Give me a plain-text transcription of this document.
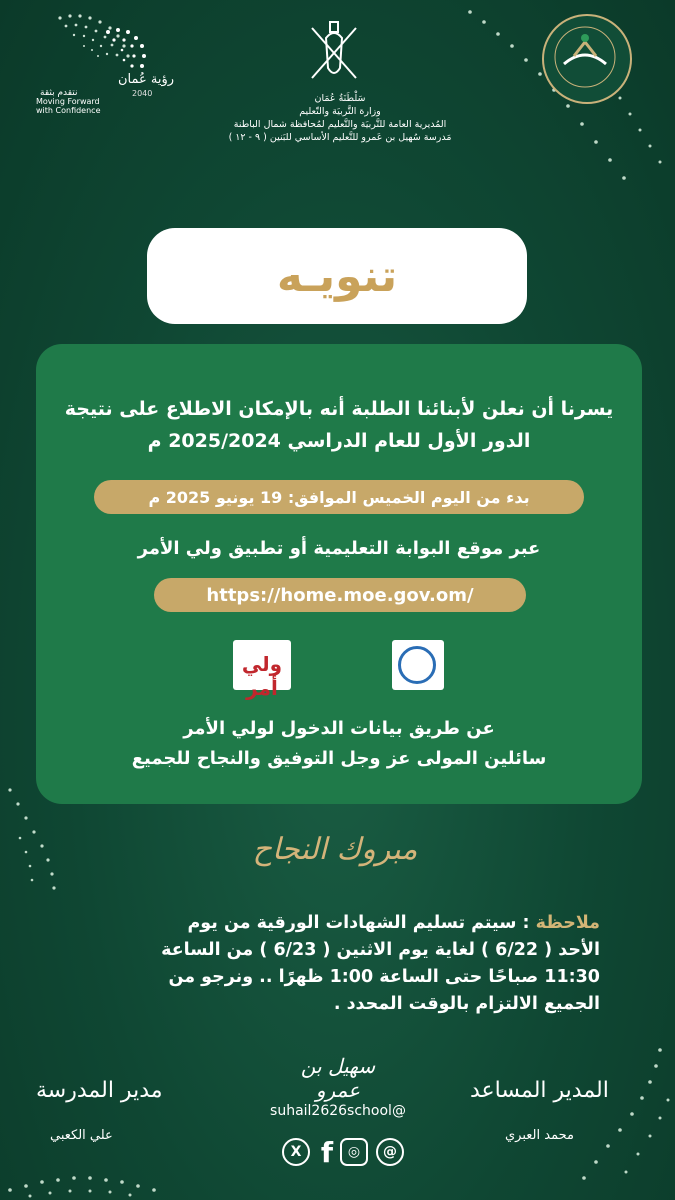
نتقدم بثقة
Moving Forward
with Confidence
رؤية عُمان
2040	سَلْطَنَةُ عُمَان
وزارة التَّربيَة والتّعليم
المُديرية العامة للتَّربيَة والتَّعليم لمُحافظة شمال الباطنة
مَدرسة سُهيل بن عَمرو للتَّعليم الأساسي للبَنين ( ٩ - ١٢ )
تنويـه
يسرنا أن نعلن لأبنائنا الطلبة أنه بالإمكان الاطلاع على نتيجة
الدور الأول للعام الدراسي 2025/2024 م
بدء من اليوم الخميس الموافق: 19 يونيو 2025 م
عبر موقع البوابة التعليمية أو تطبيق ولي الأمر
https://home.moe.gov.om/
ولي أمر
عن طريق بيانات الدخول لولي الأمر
سائلين المولى عز وجل التوفيق والنجاح للجميع
مبروك النجاح
ملاحظة : سيتم تسليم الشهادات الورقية من يوم
الأحد ( 6/22 ) لغاية يوم الاثنين ( 6/23 ) من الساعة
11:30 صباحًا حتى الساعة 1:00 ظهرًا .. ونرجو من
الجميع الالتزام بالوقت المحدد .
مدير المدرسة
علي الكعبي
المدير المساعد
محمد العبري
سهيل بن عمرو
suhail2626school@
X f	◎	@
